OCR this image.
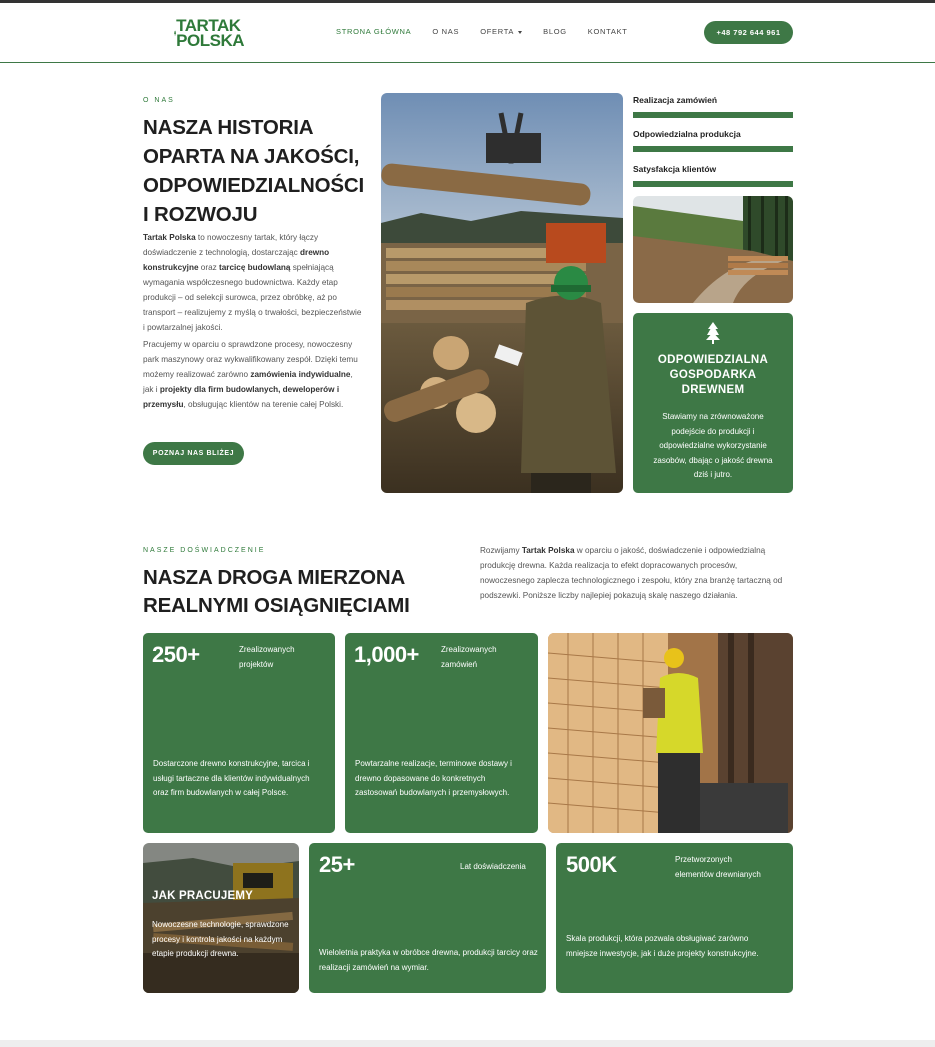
TARTAK
POLSKA	STRONA GŁÓWNA	O NAS	OFERTA	BLOG	KONTAKT	+48 792 644 961
O NAS
NASZA HISTORIA
OPARTA NA JAKOŚCI,
ODPOWIEDZIALNOŚCI
I ROZWOJU
Tartak Polska to nowoczesny tartak, który łączy doświadczenie z technologią, dostarczając drewno konstrukcyjne oraz tarcicę budowlaną spełniającą wymagania współczesnego budownictwa. Każdy etap produkcji – od selekcji surowca, przez obróbkę, aż po transport – realizujemy z myślą o trwałości, bezpieczeństwie i powtarzalnej jakości.
Pracujemy w oparciu o sprawdzone procesy, nowoczesny park maszynowy oraz wykwalifikowany zespół. Dzięki temu możemy realizować zarówno zamówienia indywidualne, jak i projekty dla firm budowlanych, deweloperów i przemysłu, obsługując klientów na terenie całej Polski.
POZNAJ NAS BLIŻEJ
Realizacja zamówień
Odpowiedzialna produkcja
Satysfakcja klientów
ODPOWIEDZIALNA
GOSPODARKA
DREWNEM
Stawiamy na zrównoważone podejście do produkcji i odpowiedzialne wykorzystanie zasobów, dbając o jakość drewna dziś i jutro.
NASZE DOŚWIADCZENIE
NASZA DROGA MIERZONA
REALNYMI OSIĄGNIĘCIAMI
Rozwijamy Tartak Polska w oparciu o jakość, doświadczenie i odpowiedzialną produkcję drewna. Każda realizacja to efekt dopracowanych procesów, nowoczesnego zaplecza technologicznego i zespołu, który zna branżę tartaczną od podszewki. Poniższe liczby najlepiej pokazują skalę naszego działania.
250+	Zrealizowanych projektów
Dostarczone drewno konstrukcyjne, tarcica i usługi tartaczne dla klientów indywidualnych oraz firm budowlanych w całej Polsce.
1,000+	Zrealizowanych zamówień
Powtarzalne realizacje, terminowe dostawy i drewno dopasowane do konkretnych zastosowań budowlanych i przemysłowych.
JAK PRACUJEMY
Nowoczesne technologie, sprawdzone procesy i kontrola jakości na każdym etapie produkcji drewna.
25+	Lat doświadczenia
Wieloletnia praktyka w obróbce drewna, produkcji tarcicy oraz realizacji zamówień na wymiar.
500K	Przetworzonych elementów drewnianych
Skala produkcji, która pozwala obsługiwać zarówno mniejsze inwestycje, jak i duże projekty konstrukcyjne.
